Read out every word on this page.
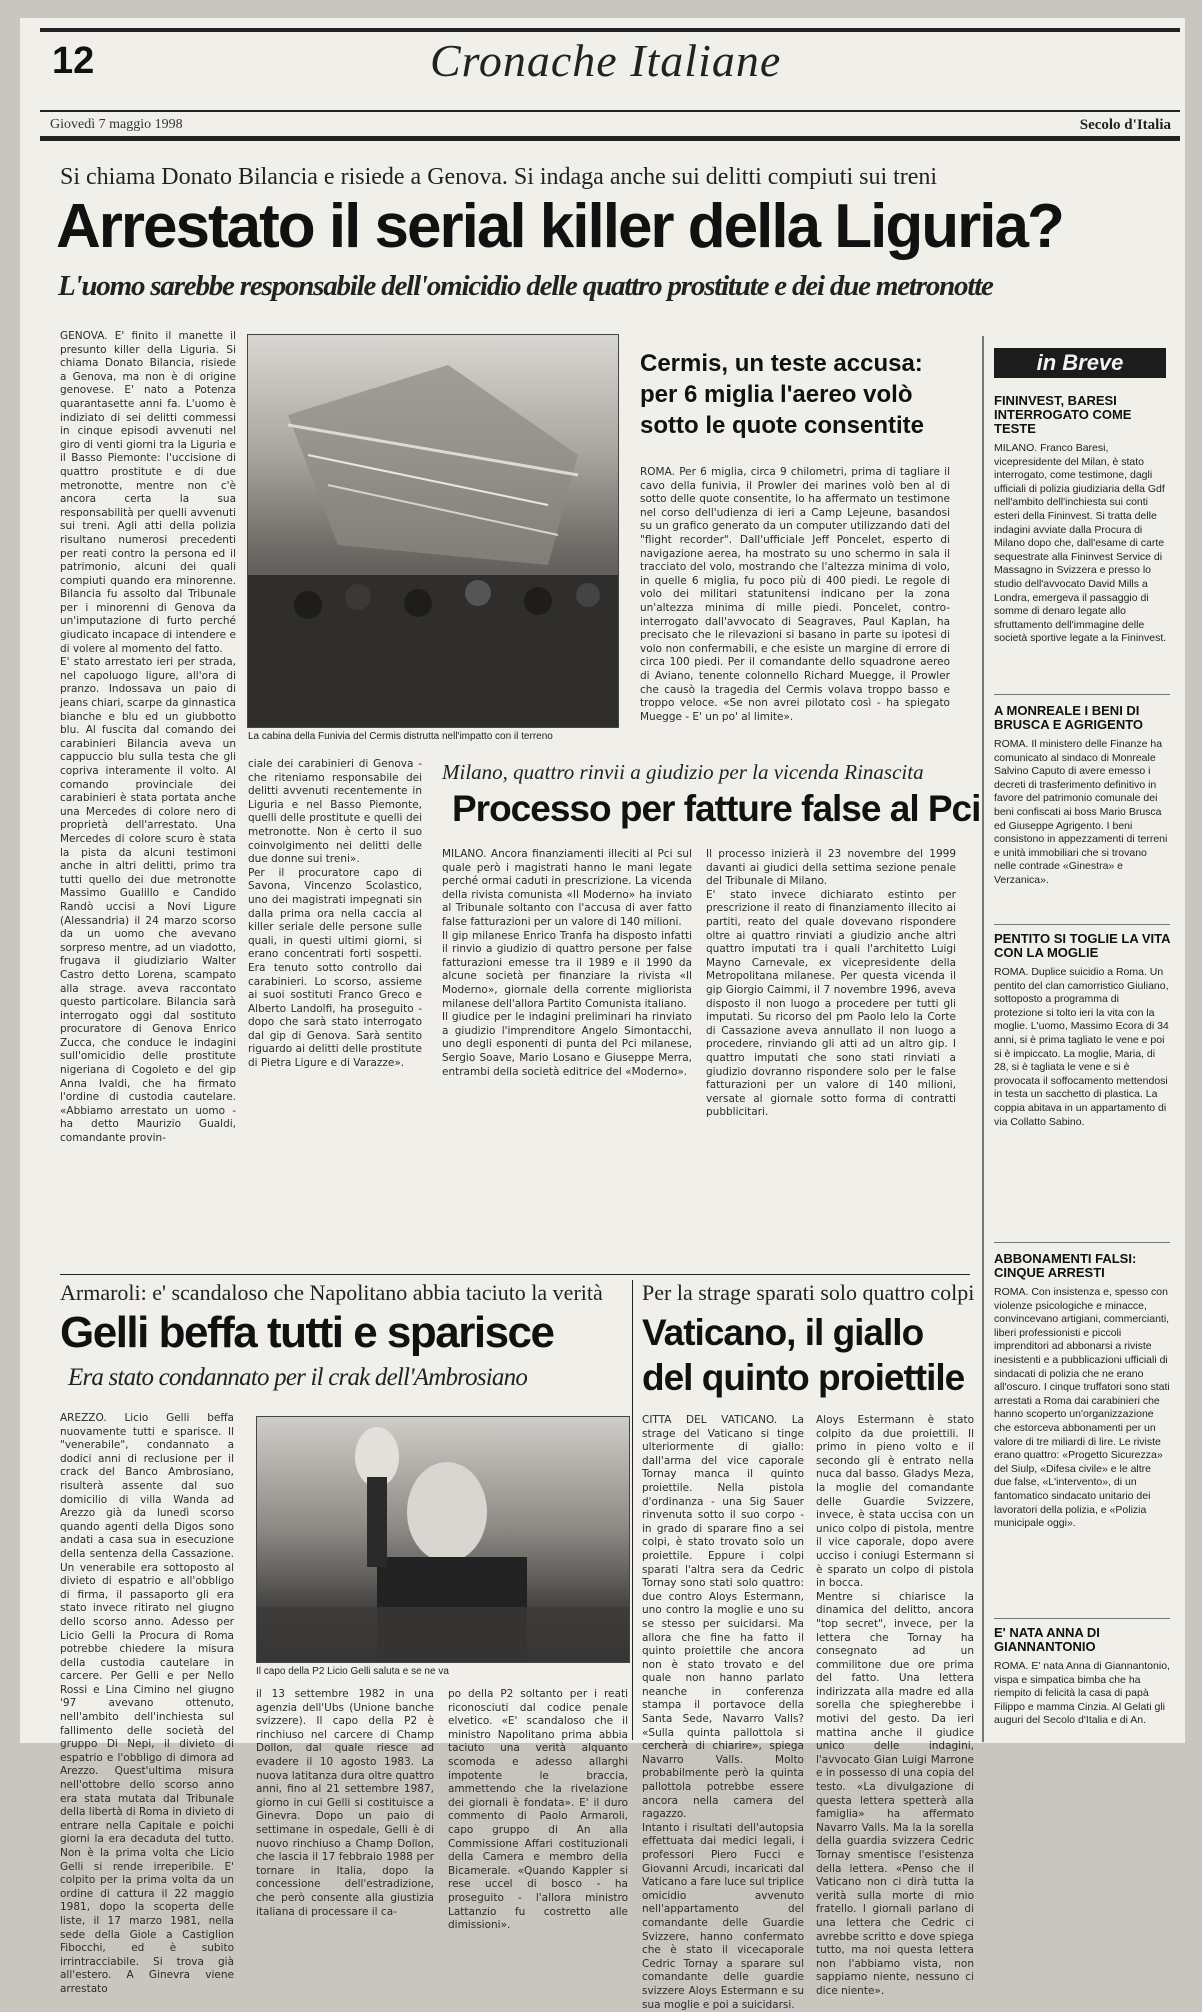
12	Cronache Italiane
Giovedì 7 maggio 1998	Secolo d'Italia
Si chiama Donato Bilancia e risiede a Genova. Si indaga anche sui delitti compiuti sui treni
Arrestato il serial killer della Liguria?
L'uomo sarebbe responsabile dell'omicidio delle quattro prostitute e dei due metronotte
GENOVA. E' finito il manette il presunto killer della Liguria. Si chiama Donato Bilancia, risiede a Genova, ma non è di origine genovese. E' nato a Potenza quarantasette anni fa. L'uomo è indiziato di sei delitti commessi in cinque episodi avvenuti nel giro di venti giorni tra la Liguria e il Basso Piemonte: l'uccisione di quattro prostitute e di due metronotte, mentre non c'è ancora certa la sua responsabilità per quelli avvenuti sui treni. Agli atti della polizia risultano numerosi precedenti per reati contro la persona ed il patrimonio, alcuni dei quali compiuti quando era minorenne. Bilancia fu assolto dal Tribunale per i minorenni di Genova da un'imputazione di furto perché giudicato incapace di intendere e di volere al momento del fatto.
E' stato arrestato ieri per strada, nel capoluogo ligure, all'ora di pranzo. Indossava un paio di jeans chiari, scarpe da ginnastica bianche e blu ed un giubbotto blu. Al fuscita dal comando dei carabinieri Bilancia aveva un cappuccio blu sulla testa che gli copriva interamente il volto. Al comando provinciale dei carabinieri è stata portata anche una Mercedes di colore nero di proprietà dell'arrestato. Una Mercedes di colore scuro è stata la pista da alcuni testimoni anche in altri delitti, primo tra tutti quello dei due metronotte Massimo Gualillo e Candido Randò uccisi a Novi Ligure (Alessandria) il 24 marzo scorso da un uomo che avevano sorpreso mentre, ad un viadotto, frugava il giudiziario Walter Castro detto Lorena, scampato alla strage. aveva raccontato questo particolare. Bilancia sarà interrogato oggi dal sostituto procuratore di Genova Enrico Zucca, che conduce le indagini sull'omicidio delle prostitute nigeriana di Cogoleto e del gip Anna Ivaldi, che ha firmato l'ordine di custodia cautelare. «Abbiamo arrestato un uomo - ha detto Maurizio Gualdi, comandante provin-
La cabina della Funivia del Cermis distrutta nell'impatto con il terreno
Cermis, un teste accusa: per 6 miglia l'aereo volò sotto le quote consentite
ROMA. Per 6 miglia, circa 9 chilometri, prima di tagliare il cavo della funivia, il Prowler dei marines volò ben al di sotto delle quote consentite, lo ha affermato un testimone nel corso dell'udienza di ieri a Camp Lejeune, basandosi su un grafico generato da un computer utilizzando dati del "flight recorder". Dall'ufficiale Jeff Poncelet, esperto di navigazione aerea, ha mostrato su uno schermo in sala il tracciato del volo, mostrando che l'altezza minima di volo, in quelle 6 miglia, fu poco più di 400 piedi. Le regole di volo dei militari statunitensi indicano per la zona un'altezza minima di mille piedi. Poncelet, contro-interrogato dall'avvocato di Seagraves, Paul Kaplan, ha precisato che le rilevazioni si basano in parte su ipotesi di volo non confermabili, e che esiste un margine di errore di circa 100 piedi. Per il comandante dello squadrone aereo di Aviano, tenente colonnello Richard Muegge, il Prowler che causò la tragedia del Cermis volava troppo basso e troppo veloce. «Se non avrei pilotato così - ha spiegato Muegge - E' un po' al limite».
ciale dei carabinieri di Genova - che riteniamo responsabile dei delitti avvenuti recentemente in Liguria e nel Basso Piemonte, quelli delle prostitute e quelli dei metronotte. Non è certo il suo coinvolgimento nei delitti delle due donne sui treni».
Per il procuratore capo di Savona, Vincenzo Scolastico, uno dei magistrati impegnati sin dalla prima ora nella caccia al killer seriale delle persone sulle quali, in questi ultimi giorni, si erano concentrati forti sospetti. Era tenuto sotto controllo dai carabinieri. Lo scorso, assieme ai suoi sostituti Franco Greco e Alberto Landolfi, ha proseguito - dopo che sarà stato interrogato dal gip di Genova. Sarà sentito riguardo ai delitti delle prostitute di Pietra Ligure e di Varazze».
Milano, quattro rinvii a giudizio per la vicenda Rinascita
Processo per fatture false al Pci
MILANO. Ancora finanziamenti illeciti al Pci sul quale però i magistrati hanno le mani legate perché ormai caduti in prescrizione. La vicenda della rivista comunista «Il Moderno» ha inviato al Tribunale soltanto con l'accusa di aver fatto false fatturazioni per un valore di 140 milioni.
Il gip milanese Enrico Tranfa ha disposto infatti il rinvio a giudizio di quattro persone per false fatturazioni emesse tra il 1989 e il 1990 da alcune società per finanziare la rivista «Il Moderno», giornale della corrente migliorista milanese dell'allora Partito Comunista italiano.
Il giudice per le indagini preliminari ha rinviato a giudizio l'imprenditore Angelo Simontacchi, uno degli esponenti di punta del Pci milanese, Sergio Soave, Mario Losano e Giuseppe Merra, entrambi della società editrice del «Moderno».
Il processo inizierà il 23 novembre del 1999 davanti ai giudici della settima sezione penale del Tribunale di Milano.
E' stato invece dichiarato estinto per prescrizione il reato di finanziamento illecito ai partiti, reato del quale dovevano rispondere oltre ai quattro rinviati a giudizio anche altri quattro imputati tra i quali l'architetto Luigi Mayno Carnevale, ex vicepresidente della Metropolitana milanese. Per questa vicenda il gip Giorgio Caimmi, il 7 novembre 1996, aveva disposto il non luogo a procedere per tutti gli imputati. Su ricorso del pm Paolo Ielo la Corte di Cassazione aveva annullato il non luogo a procedere, rinviando gli atti ad un altro gip. I quattro imputati che sono stati rinviati a giudizio dovranno rispondere solo per le false fatturazioni per un valore di 140 milioni, versate al giornale sotto forma di contratti pubblicitari.
Armaroli: e' scandaloso che Napolitano abbia taciuto la verità
Gelli beffa tutti e sparisce
Era stato condannato per il crak dell'Ambrosiano
AREZZO. Licio Gelli beffa nuovamente tutti e sparisce. Il "venerabile", condannato a dodici anni di reclusione per il crack del Banco Ambrosiano, risulterà assente dal suo domicilio di villa Wanda ad Arezzo già da lunedì scorso quando agenti della Digos sono andati a casa sua in esecuzione della sentenza della Cassazione. Un venerabile era sottoposto al divieto di espatrio e all'obbligo di firma, il passaporto gli era stato invece ritirato nel giugno dello scorso anno. Adesso per Licio Gelli la Procura di Roma potrebbe chiedere la misura della custodia cautelare in carcere. Per Gelli e per Nello Rossi e Lina Cimino nel giugno '97 avevano ottenuto, nell'ambito dell'inchiesta sul fallimento delle società del gruppo Di Nepi, il divieto di espatrio e l'obbligo di dimora ad Arezzo. Quest'ultima misura nell'ottobre dello scorso anno era stata mutata dal Tribunale della libertà di Roma in divieto di entrare nella Capitale e poichi giorni la era decaduta del tutto. Non è la prima volta che Licio Gelli si rende irreperibile. E' colpito per la prima volta da un ordine di cattura il 22 maggio 1981, dopo la scoperta delle liste, il 17 marzo 1981, nella sede della Giole a Castiglion Fibocchi, ed è subito irrintracciabile. Si trova già all'estero. A Ginevra viene arrestato
Il capo della P2 Licio Gelli saluta e se ne va
il 13 settembre 1982 in una agenzia dell'Ubs (Unione banche svizzere). Il capo della P2 è rinchiuso nel carcere di Champ Dollon, dal quale riesce ad evadere il 10 agosto 1983. La nuova latitanza dura oltre quattro anni, fino al 21 settembre 1987, giorno in cui Gelli si costituisce a Ginevra. Dopo un paio di settimane in ospedale, Gelli è di nuovo rinchiuso a Champ Dollon, che lascia il 17 febbraio 1988 per tornare in Italia, dopo la concessione dell'estradizione, che però consente alla giustizia italiana di processare il ca-
po della P2 soltanto per i reati riconosciuti dal codice penale elvetico. «E' scandaloso che il ministro Napolitano prima abbia taciuto una verità alquanto scomoda e adesso allarghi impotente le braccia, ammettendo che la rivelazione dei giornali è fondata». E' il duro commento di Paolo Armaroli, capo gruppo di An alla Commissione Affari costituzionali della Camera e membro della Bicamerale. «Quando Kappler si rese uccel di bosco - ha proseguito - l'allora ministro Lattanzio fu costretto alle dimissioni».
Per la strage sparati solo quattro colpi
Vaticano, il giallo del quinto proiettile
CITTA DEL VATICANO. La strage del Vaticano si tinge ulteriormente di giallo: dall'arma del vice caporale Tornay manca il quinto proiettile. Nella pistola d'ordinanza - una Sig Sauer rinvenuta sotto il suo corpo - in grado di sparare fino a sei colpi, è stato trovato solo un proiettile. Eppure i colpi sparati l'altra sera da Cedric Tornay sono stati solo quattro: due contro Aloys Estermann, uno contro la moglie e uno su se stesso per suicidarsi. Ma allora che fine ha fatto il quinto proiettile che ancora non è stato trovato e del quale non hanno parlato neanche in conferenza stampa il portavoce della Santa Sede, Navarro Valls? «Sulla quinta pallottola si cercherà di chiarire», spiega Navarro Valls. Molto probabilmente però la quinta pallottola potrebbe essere ancora nella camera del ragazzo.
Intanto i risultati dell'autopsia effettuata dai medici legali, i professori Piero Fucci e Giovanni Arcudi, incaricati dal Vaticano a fare luce sul triplice omicidio avvenuto nell'appartamento del comandante delle Guardie Svizzere, hanno confermato che è stato il vicecaporale Cedric Tornay a sparare sul comandante delle guardie svizzere Aloys Estermann e su sua moglie e poi a suicidarsi.
Aloys Estermann è stato colpito da due proiettili. Il primo in pieno volto e il secondo gli è entrato nella nuca dal basso. Gladys Meza, la moglie del comandante delle Guardie Svizzere, invece, è stata uccisa con un unico colpo di pistola, mentre il vice caporale, dopo avere ucciso i coniugi Estermann si è sparato un colpo di pistola in bocca.
Mentre si chiarisce la dinamica del delitto, ancora "top secret", invece, per la lettera che Tornay ha consegnato ad un commilitone due ore prima del fatto. Una lettera indirizzata alla madre ed alla sorella che spiegherebbe i motivi del gesto. Da ieri mattina anche il giudice unico delle indagini, l'avvocato Gian Luigi Marrone e in possesso di una copia del testo. «La divulgazione di questa lettera spetterà alla famiglia» ha affermato Navarro Valls. Ma la la sorella della guardia svizzera Cedric Tornay smentisce l'esistenza della lettera. «Penso che il Vaticano non ci dirà tutta la verità sulla morte di mio fratello. I giornali parlano di una lettera che Cedric ci avrebbe scritto e dove spiega tutto, ma noi questa lettera non l'abbiamo vista, non sappiamo niente, nessuno ci dice niente».
in Breve
FININVEST, BARESI INTERROGATO COME TESTE
MILANO. Franco Baresi, vicepresidente del Milan, è stato interrogato, come testimone, dagli ufficiali di polizia giudiziaria della Gdf nell'ambito dell'inchiesta sui conti esteri della Fininvest. Si tratta delle indagini avviate dalla Procura di Milano dopo che, dall'esame di carte sequestrate alla Fininvest Service di Massagno in Svizzera e presso lo studio dell'avvocato David Mills a Londra, emergeva il passaggio di somme di denaro legate allo sfruttamento dell'immagine delle società sportive legate a la Fininvest.
A MONREALE I BENI DI BRUSCA E AGRIGENTO
ROMA. Il ministero delle Finanze ha comunicato al sindaco di Monreale Salvino Caputo di avere emesso i decreti di trasferimento definitivo in favore del patrimonio comunale dei beni confiscati ai boss Mario Brusca ed Giuseppe Agrigento. I beni consistono in appezzamenti di terreni e unità immobiliari che si trovano nelle contrade «Ginestra» e Verzanica».
PENTITO SI TOGLIE LA VITA CON LA MOGLIE
ROMA. Duplice suicidio a Roma. Un pentito del clan camorristico Giuliano, sottoposto a programma di protezione si tolto ieri la vita con la moglie. L'uomo, Massimo Ecora di 34 anni, si è prima tagliato le vene e poi si è impiccato. La moglie, Maria, di 28, si è tagliata le vene e si è provocata il soffocamento mettendosi in testa un sacchetto di plastica. La coppia abitava in un appartamento di via Collatto Sabino.
ABBONAMENTI FALSI: CINQUE ARRESTI
ROMA. Con insistenza e, spesso con violenze psicologiche e minacce, convincevano artigiani, commercianti, liberi professionisti e piccoli imprenditori ad abbonarsi a riviste inesistenti e a pubblicazioni ufficiali di sindacati di polizia che ne erano all'oscuro. I cinque truffatori sono stati arrestati a Roma dai carabinieri che hanno scoperto un'organizzazione che estorceva abbonamenti per un valore di tre miliardi di lire. Le riviste erano quattro: «Progetto Sicurezza» del Siulp, «Difesa civile» e le altre due false, «L'intervento», di un fantomatico sindacato unitario dei lavoratori della polizia, e «Polizia municipale oggi».
E' NATA ANNA DI GIANNANTONIO
ROMA. E' nata Anna di Giannantonio, vispa e simpatica bimba che ha riempito di felicità la casa di papà Filippo e mamma Cinzia. Al Gelati gli auguri del Secolo d'Italia e di An.
